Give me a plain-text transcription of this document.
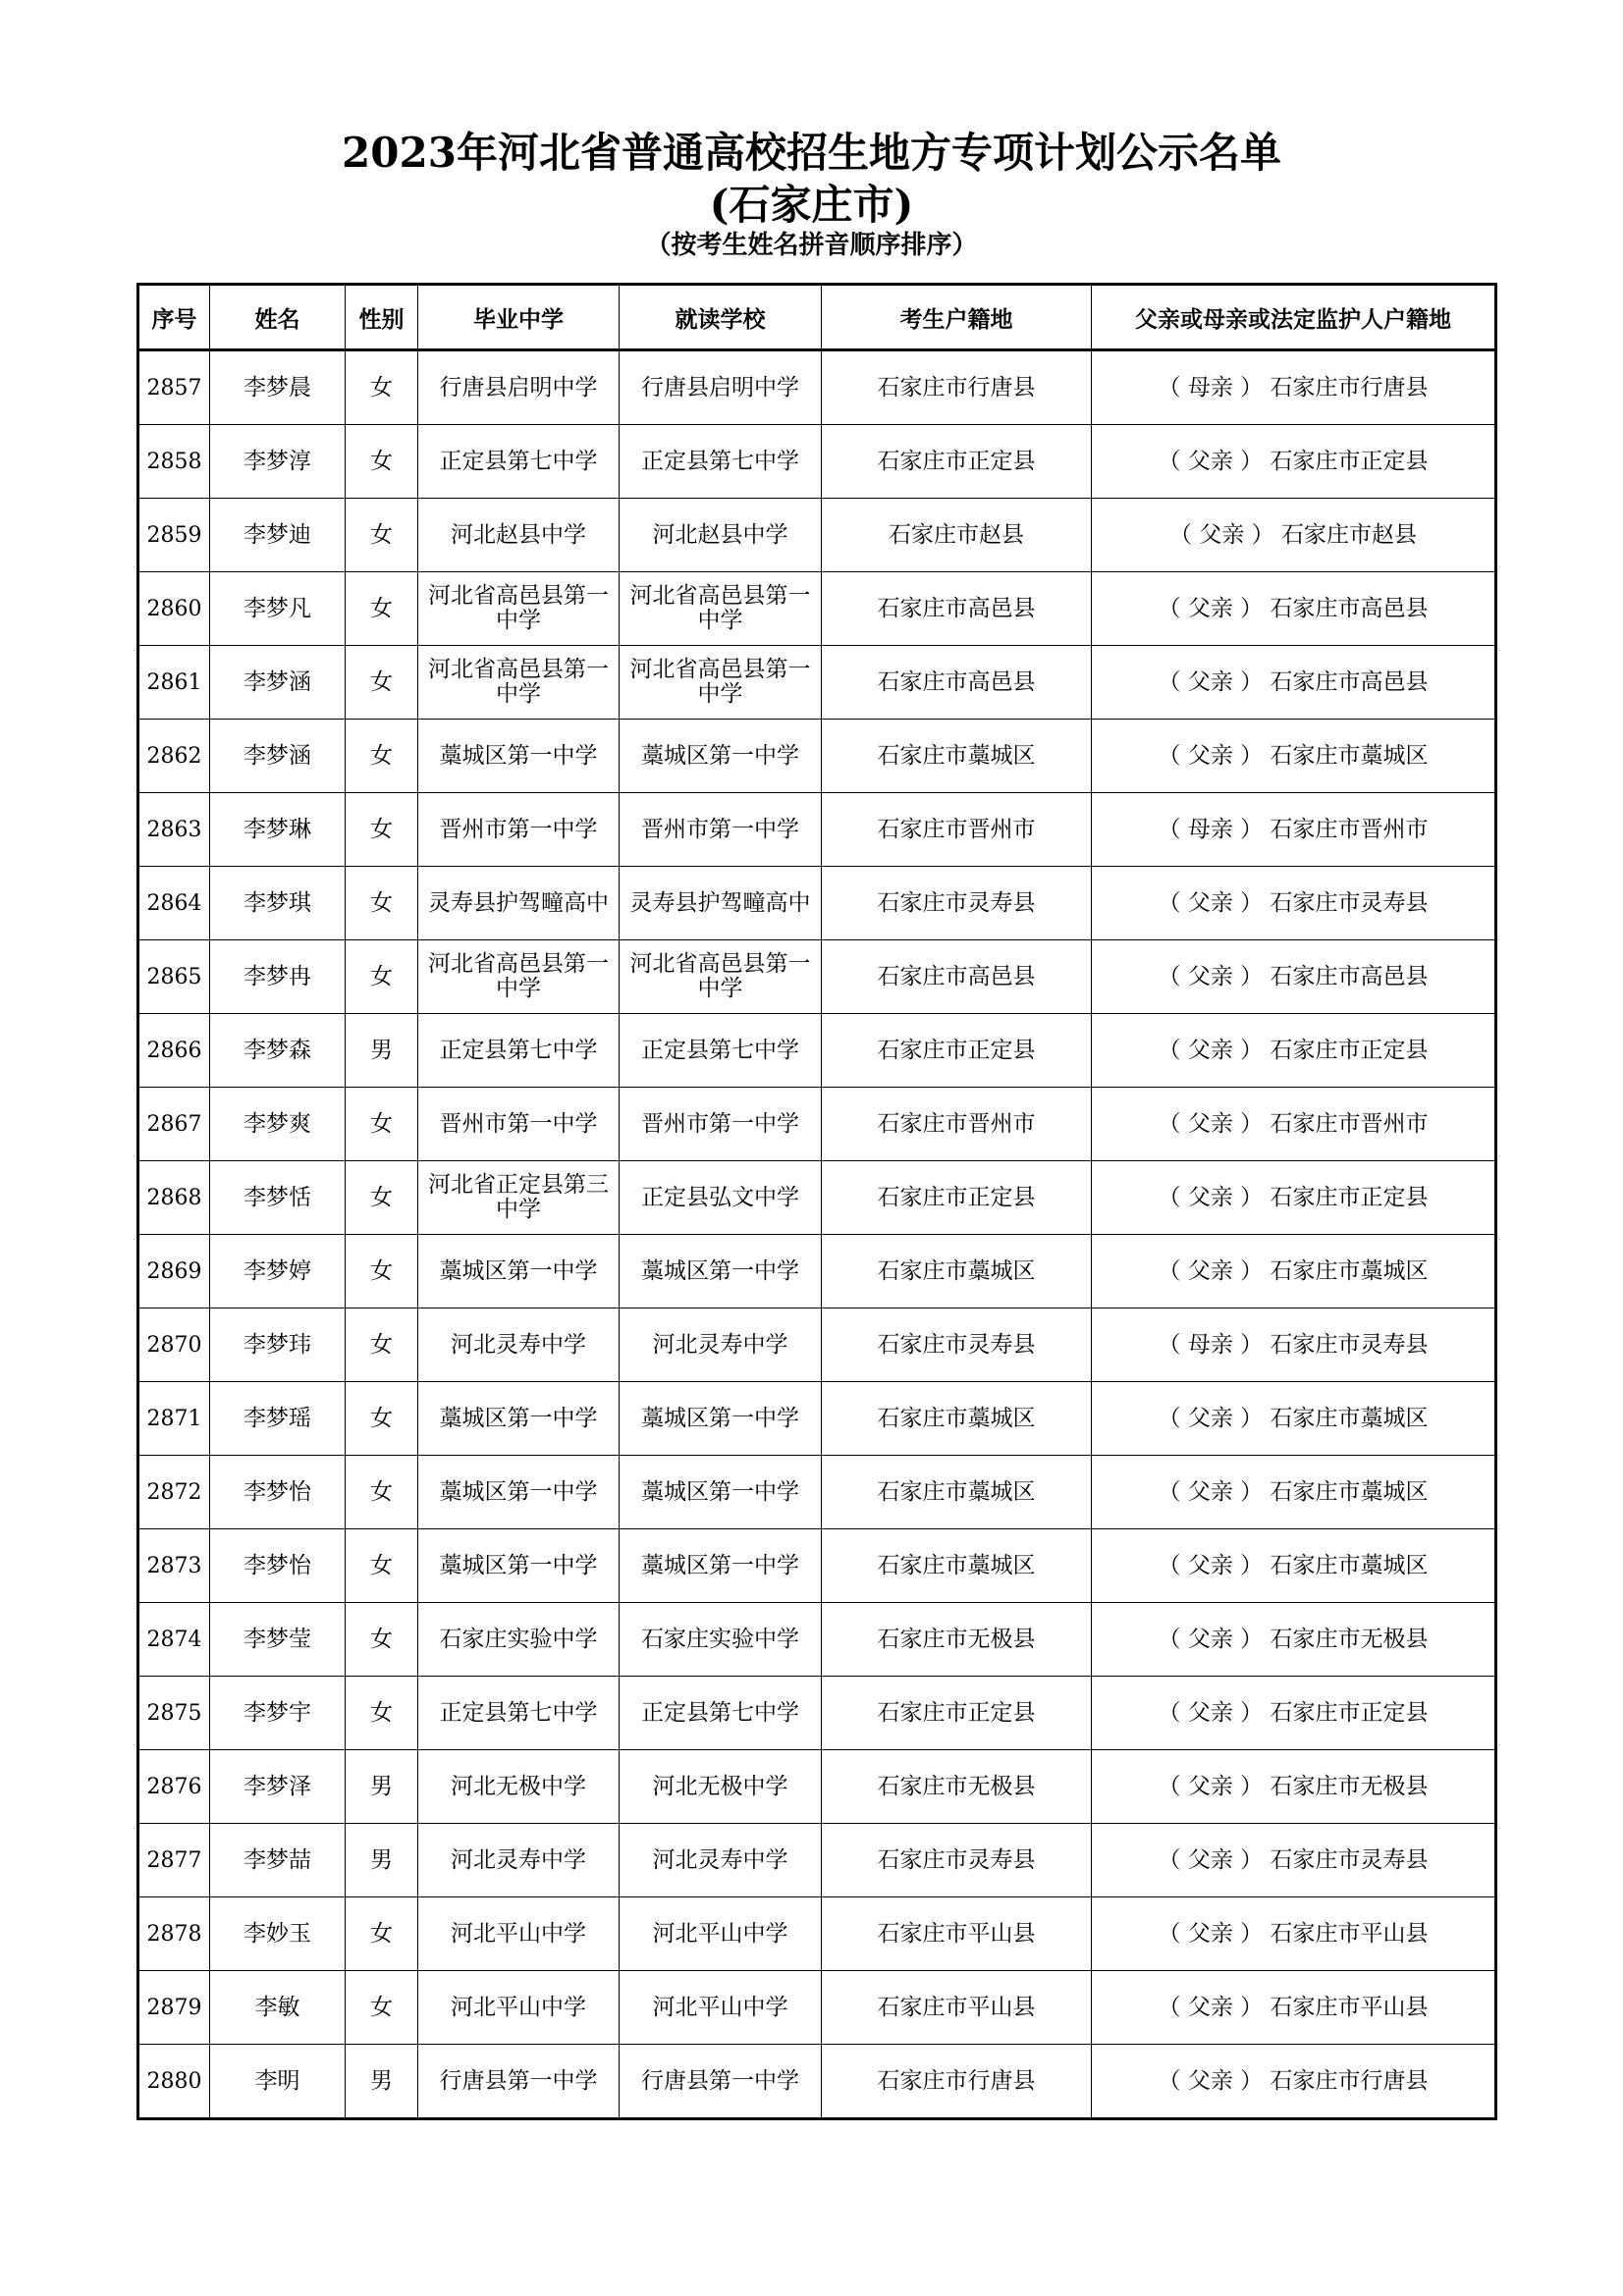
2023年河北省普通高校招生地方专项计划公示名单
(石家庄市)
（按考生姓名拼音顺序排序）
序号	姓名	性别	毕业中学	就读学校	考生户籍地	父亲或母亲或法定监护人户籍地
2857	李梦晨	女	行唐县启明中学	行唐县启明中学	石家庄市行唐县	（ 母亲 ） 石家庄市行唐县
2858	李梦淳	女	正定县第七中学	正定县第七中学	石家庄市正定县	（ 父亲 ） 石家庄市正定县
2859	李梦迪	女	河北赵县中学	河北赵县中学	石家庄市赵县	（ 父亲 ） 石家庄市赵县
2860	李梦凡	女	河北省高邑县第一中学	河北省高邑县第一中学	石家庄市高邑县	（ 父亲 ） 石家庄市高邑县
2861	李梦涵	女	河北省高邑县第一中学	河北省高邑县第一中学	石家庄市高邑县	（ 父亲 ） 石家庄市高邑县
2862	李梦涵	女	藁城区第一中学	藁城区第一中学	石家庄市藁城区	（ 父亲 ） 石家庄市藁城区
2863	李梦琳	女	晋州市第一中学	晋州市第一中学	石家庄市晋州市	（ 母亲 ） 石家庄市晋州市
2864	李梦琪	女	灵寿县护驾疃高中	灵寿县护驾疃高中	石家庄市灵寿县	（ 父亲 ） 石家庄市灵寿县
2865	李梦冉	女	河北省高邑县第一中学	河北省高邑县第一中学	石家庄市高邑县	（ 父亲 ） 石家庄市高邑县
2866	李梦森	男	正定县第七中学	正定县第七中学	石家庄市正定县	（ 父亲 ） 石家庄市正定县
2867	李梦爽	女	晋州市第一中学	晋州市第一中学	石家庄市晋州市	（ 父亲 ） 石家庄市晋州市
2868	李梦恬	女	河北省正定县第三中学	正定县弘文中学	石家庄市正定县	（ 父亲 ） 石家庄市正定县
2869	李梦婷	女	藁城区第一中学	藁城区第一中学	石家庄市藁城区	（ 父亲 ） 石家庄市藁城区
2870	李梦玮	女	河北灵寿中学	河北灵寿中学	石家庄市灵寿县	（ 母亲 ） 石家庄市灵寿县
2871	李梦瑶	女	藁城区第一中学	藁城区第一中学	石家庄市藁城区	（ 父亲 ） 石家庄市藁城区
2872	李梦怡	女	藁城区第一中学	藁城区第一中学	石家庄市藁城区	（ 父亲 ） 石家庄市藁城区
2873	李梦怡	女	藁城区第一中学	藁城区第一中学	石家庄市藁城区	（ 父亲 ） 石家庄市藁城区
2874	李梦莹	女	石家庄实验中学	石家庄实验中学	石家庄市无极县	（ 父亲 ） 石家庄市无极县
2875	李梦宇	女	正定县第七中学	正定县第七中学	石家庄市正定县	（ 父亲 ） 石家庄市正定县
2876	李梦泽	男	河北无极中学	河北无极中学	石家庄市无极县	（ 父亲 ） 石家庄市无极县
2877	李梦喆	男	河北灵寿中学	河北灵寿中学	石家庄市灵寿县	（ 父亲 ） 石家庄市灵寿县
2878	李妙玉	女	河北平山中学	河北平山中学	石家庄市平山县	（ 父亲 ） 石家庄市平山县
2879	李敏	女	河北平山中学	河北平山中学	石家庄市平山县	（ 父亲 ） 石家庄市平山县
2880	李明	男	行唐县第一中学	行唐县第一中学	石家庄市行唐县	（ 父亲 ） 石家庄市行唐县
